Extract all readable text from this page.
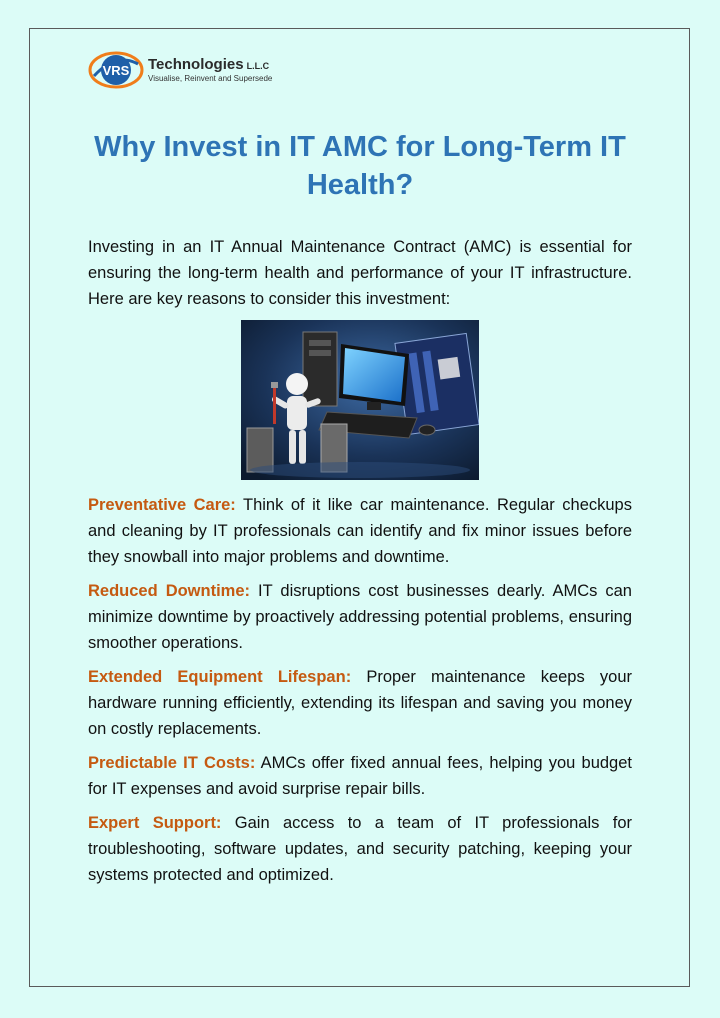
VRS Technologies L.L.C
Visualise, Reinvent and Supersede
Why Invest in IT AMC for Long-Term IT Health?

Investing in an IT Annual Maintenance Contract (AMC) is essential for ensuring the long-term health and performance of your IT infrastructure. Here are key reasons to consider this investment:

Preventative Care: Think of it like car maintenance. Regular checkups and cleaning by IT professionals can identify and fix minor issues before they snowball into major problems and downtime.

Reduced Downtime: IT disruptions cost businesses dearly. AMCs can minimize downtime by proactively addressing potential problems, ensuring smoother operations.

Extended Equipment Lifespan: Proper maintenance keeps your hardware running efficiently, extending its lifespan and saving you money on costly replacements.

Predictable IT Costs: AMCs offer fixed annual fees, helping you budget for IT expenses and avoid surprise repair bills.

Expert Support: Gain access to a team of IT professionals for troubleshooting, software updates, and security patching, keeping your systems protected and optimized.
